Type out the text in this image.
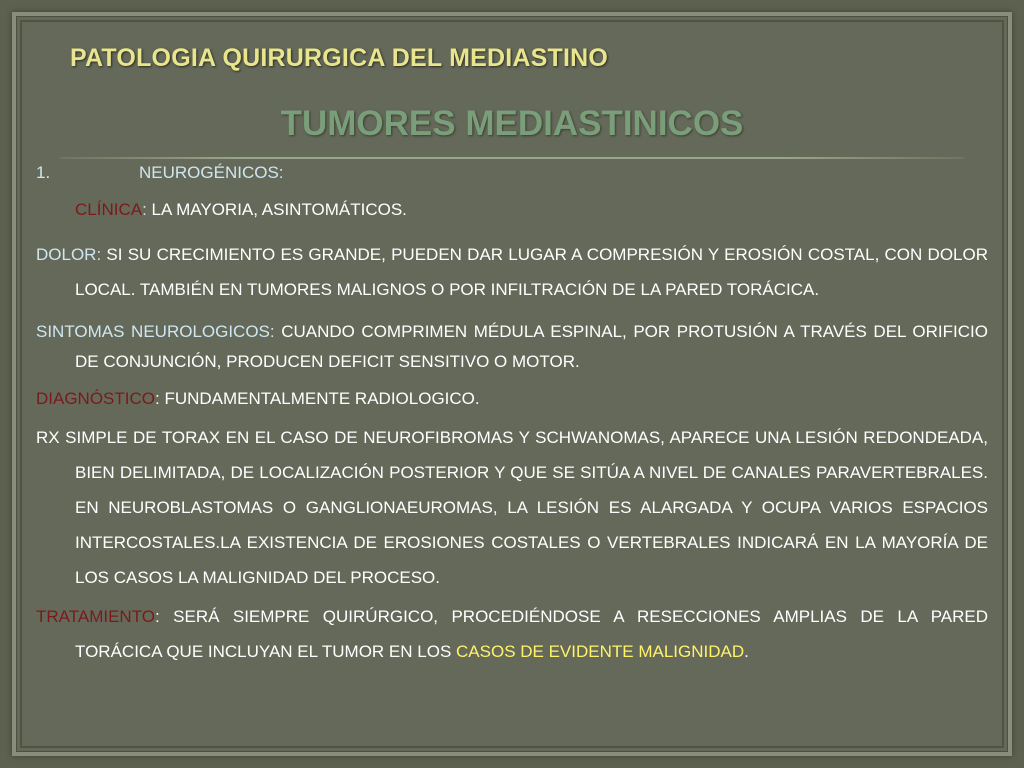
PATOLOGIA QUIRURGICA DEL MEDIASTINO
TUMORES MEDIASTINICOS
1.	NEUROGÉNICOS:

CLÍNICA: LA MAYORIA, ASINTOMÁTICOS.

DOLOR: SI SU CRECIMIENTO ES GRANDE, PUEDEN DAR LUGAR A COMPRESIÓN Y EROSIÓN COSTAL, CON DOLOR LOCAL. TAMBIÉN EN TUMORES MALIGNOS O POR INFILTRACIÓN DE LA PARED TORÁCICA.

SINTOMAS NEUROLOGICOS: CUANDO COMPRIMEN MÉDULA ESPINAL, POR PROTUSIÓN A TRAVÉS DEL ORIFICIO DE CONJUNCIÓN, PRODUCEN DEFICIT SENSITIVO O MOTOR.

DIAGNÓSTICO: FUNDAMENTALMENTE RADIOLOGICO.

RX SIMPLE DE TORAX EN EL CASO DE NEUROFIBROMAS Y SCHWANOMAS, APARECE UNA LESIÓN REDONDEADA, BIEN DELIMITADA, DE LOCALIZACIÓN POSTERIOR Y QUE SE SITÚA A NIVEL DE CANALES PARAVERTEBRALES. EN NEUROBLASTOMAS O GANGLIONAEUROMAS, LA LESIÓN ES ALARGADA Y OCUPA VARIOS ESPACIOS INTERCOSTALES.LA EXISTENCIA DE EROSIONES COSTALES O VERTEBRALES INDICARÁ EN LA MAYORÍA DE LOS CASOS LA MALIGNIDAD DEL PROCESO.

TRATAMIENTO: SERÁ SIEMPRE QUIRÚRGICO, PROCEDIÉNDOSE A RESECCIONES AMPLIAS DE LA PARED TORÁCICA QUE INCLUYAN EL TUMOR EN LOS CASOS DE EVIDENTE MALIGNIDAD.
